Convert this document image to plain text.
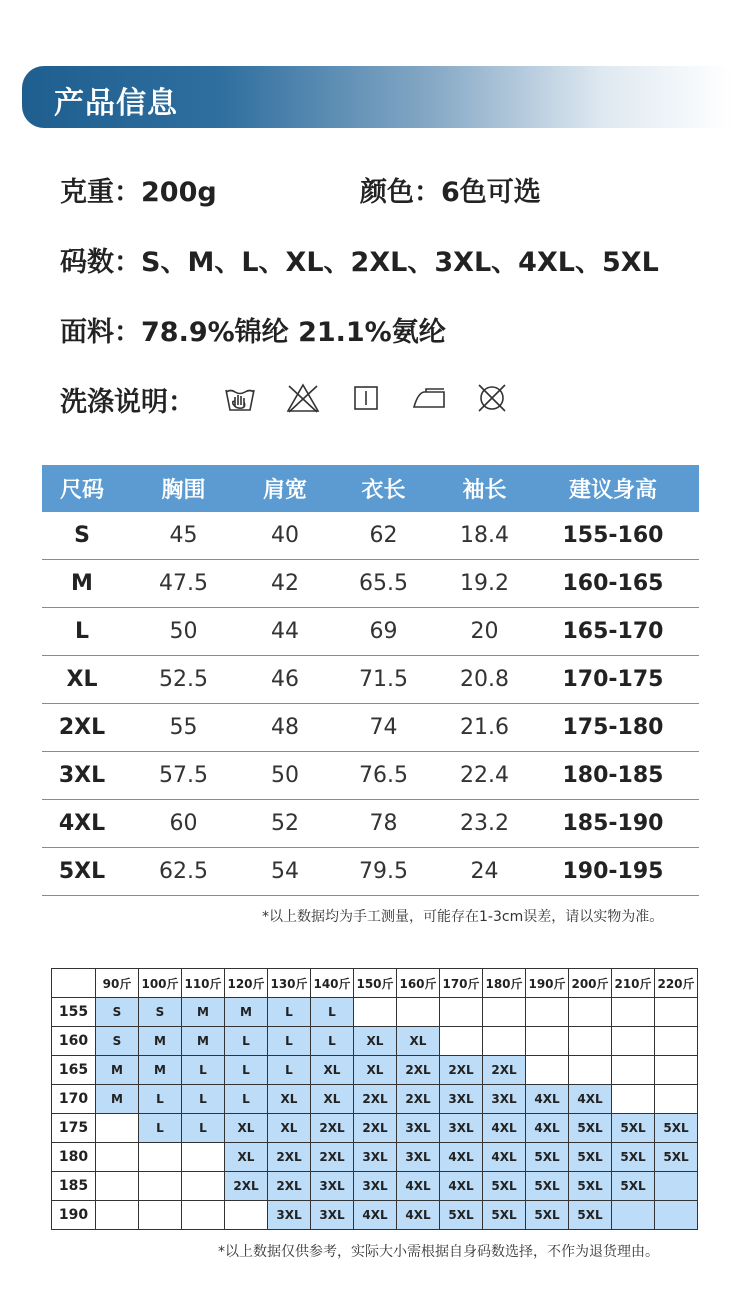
产品信息
克重：200g	颜色：6色可选
码数：S、M、L、XL、2XL、3XL、4XL、5XL
面料：78.9%锦纶 21.1%氨纶
洗涤说明：
尺码	胸围	肩宽	衣长	袖长	建议身高
S	45	40	62	18.4	155-160
M	47.5	42	65.5	19.2	160-165
L	50	44	69	20	165-170
XL	52.5	46	71.5	20.8	170-175
2XL	55	48	74	21.6	175-180
3XL	57.5	50	76.5	22.4	180-185
4XL	60	52	78	23.2	185-190
5XL	62.5	54	79.5	24	190-195
*以上数据均为手工测量，可能存在1-3cm误差，请以实物为准。
	90斤	100斤	110斤	120斤	130斤	140斤	150斤	160斤	170斤	180斤	190斤	200斤	210斤	220斤
155	S	S	M	M	L	L								
160	S	M	M	L	L	L	XL	XL						
165	M	M	L	L	L	XL	XL	2XL	2XL	2XL				
170	M	L	L	L	XL	XL	2XL	2XL	3XL	3XL	4XL	4XL		
175		L	L	XL	XL	2XL	2XL	3XL	3XL	4XL	4XL	5XL	5XL	5XL
180				XL	2XL	2XL	3XL	3XL	4XL	4XL	5XL	5XL	5XL	5XL
185				2XL	2XL	3XL	3XL	4XL	4XL	5XL	5XL	5XL	5XL	
190					3XL	3XL	4XL	4XL	5XL	5XL	5XL	5XL		
*以上数据仅供参考，实际大小需根据自身码数选择，不作为退货理由。
